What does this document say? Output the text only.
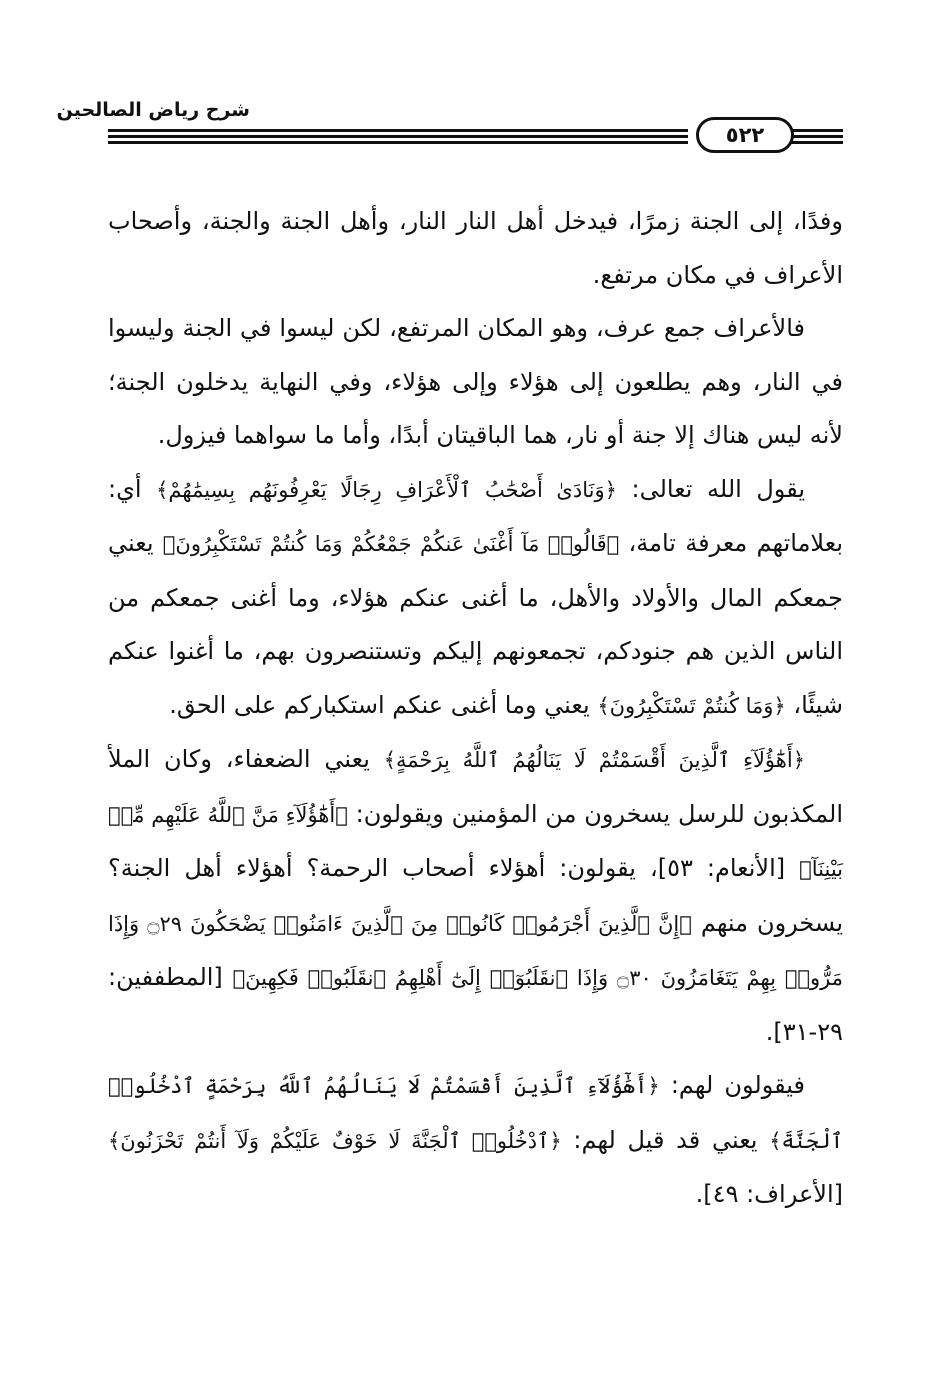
شرح رياض الصالحين
٥٢٢

وفدًا، إلى الجنة زمرًا، فيدخل أهل النار النار، وأهل الجنة والجنة، وأصحاب الأعراف في مكان مرتفع.

فالأعراف جمع عرف، وهو المكان المرتفع، لكن ليسوا في الجنة وليسوا في النار، وهم يطلعون إلى هؤلاء وإلى هؤلاء، وفي النهاية يدخلون الجنة؛ لأنه ليس هناك إلا جنة أو نار، هما الباقيتان أبدًا، وأما ما سواهما فيزول.

يقول الله تعالى: ﴿وَنَادَىٰ أَصْحَٰبُ ٱلْأَعْرَافِ رِجَالًا يَعْرِفُونَهُم بِسِيمَٰهُمْ﴾ أي: بعلاماتهم معرفة تامة، ﴿قَالُوا۟ مَآ أَغْنَىٰ عَنكُمْ جَمْعُكُمْ وَمَا كُنتُمْ تَسْتَكْبِرُونَ﴾ يعني جمعكم المال والأولاد والأهل، ما أغنى عنكم هؤلاء، وما أغنى جمعكم من الناس الذين هم جنودكم، تجمعونهم إليكم وتستنصرون بهم، ما أغنوا عنكم شيئًا، ﴿وَمَا كُنتُمْ تَسْتَكْبِرُونَ﴾ يعني وما أغنى عنكم استكباركم على الحق.

﴿أَهَٰٓؤُلَآءِ ٱلَّذِينَ أَقْسَمْتُمْ لَا يَنَالُهُمُ ٱللَّهُ بِرَحْمَةٍ﴾ يعني الضعفاء، وكان الملأ المكذبون للرسل يسخرون من المؤمنين ويقولون: ﴿أَهَٰٓؤُلَآءِ مَنَّ ٱللَّهُ عَلَيْهِم مِّنۢ بَيْنِنَآ﴾ [الأنعام: ٥٣]، يقولون: أهؤلاء أصحاب الرحمة؟ أهؤلاء أهل الجنة؟ يسخرون منهم ﴿إِنَّ ٱلَّذِينَ أَجْرَمُوا۟ كَانُوا۟ مِنَ ٱلَّذِينَ ءَامَنُوا۟ يَضْحَكُونَ ۝٢٩ وَإِذَا مَرُّوا۟ بِهِمْ يَتَغَامَزُونَ ۝٣٠ وَإِذَا ٱنقَلَبُوٓا۟ إِلَىٰٓ أَهْلِهِمُ ٱنقَلَبُوا۟ فَكِهِينَ﴾ [المطففين: ٢٩-٣١].

فيقولون لهم: ﴿أَهَٰٓؤُلَآءِ ٱلَّذِينَ أَقْسَمْتُمْ لَا يَنَالُهُمُ ٱللَّهُ بِرَحْمَةٍ ٱدْخُلُوا۟ ٱلْجَنَّةَ﴾ يعني قد قيل لهم: ﴿ٱدْخُلُوا۟ ٱلْجَنَّةَ لَا خَوْفٌ عَلَيْكُمْ وَلَآ أَنتُمْ تَحْزَنُونَ﴾ [الأعراف: ٤٩].
